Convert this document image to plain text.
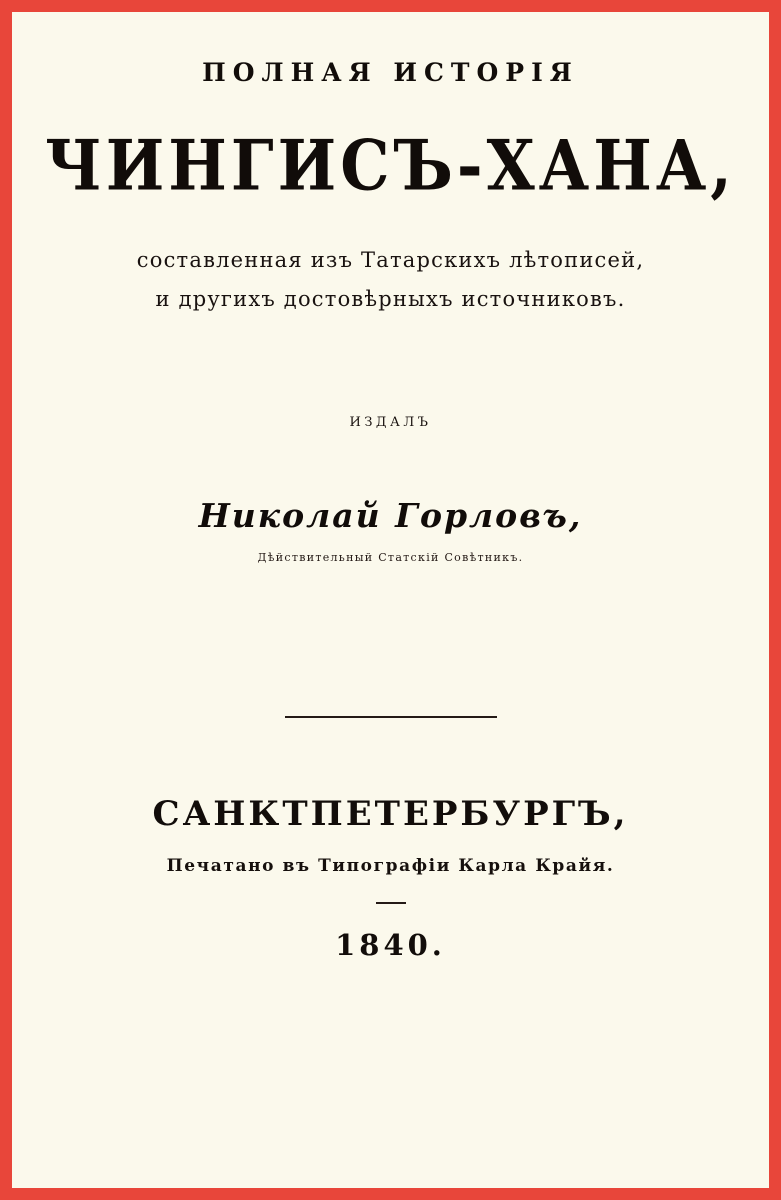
ПОЛНАЯ ИСТОРІЯ
ЧИНГИСЪ-ХАНА,
составленная изъ Татарскихъ лѣтописей,
и другихъ достовѣрныхъ источниковъ.
ИЗДАЛЪ
Николай Горловъ,
Дѣйствительный Статскій Совѣтникъ.
САНКТПЕТЕРБУРГЪ,
Печатано въ Типографіи Карла Крайя.
1840.
